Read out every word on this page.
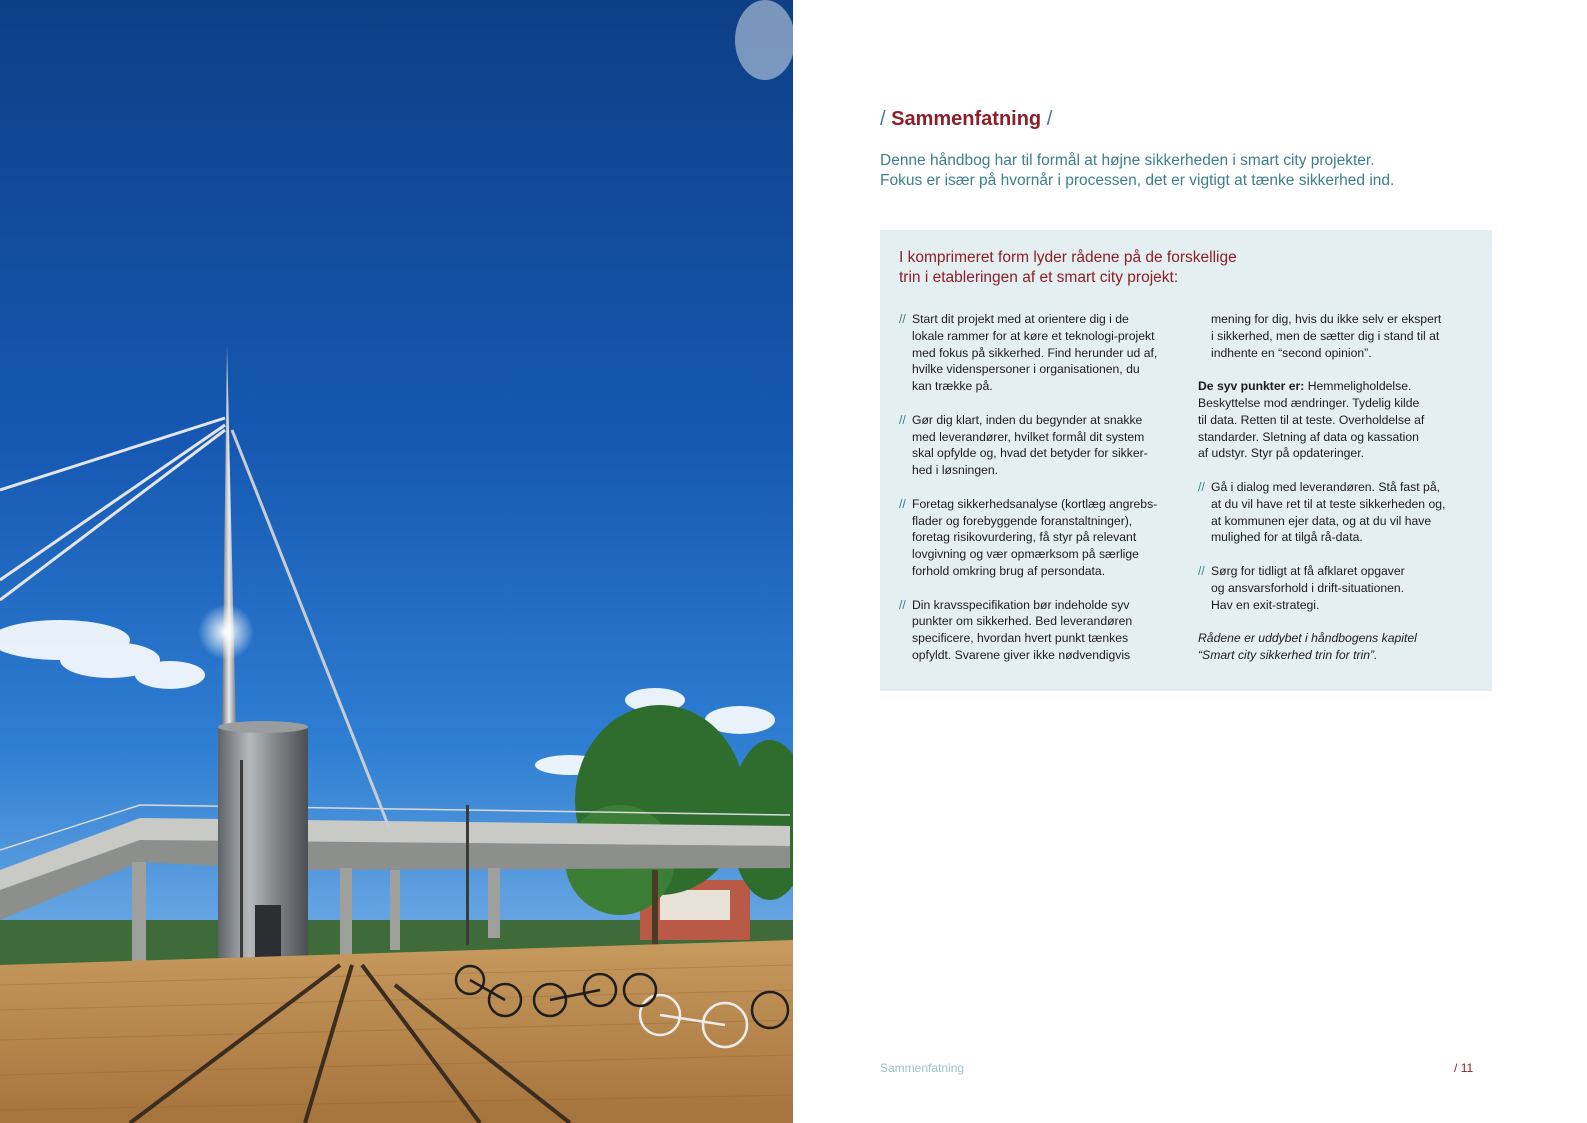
/ Sammenfatning /
Denne håndbog har til formål at højne sikkerheden i smart city projekter.
Fokus er især på hvornår i processen, det er vigtigt at tænke sikkerhed ind.
I komprimeret form lyder rådene på de forskellige
trin i etableringen af et smart city projekt:
// Start dit projekt med at orientere dig i de
lokale rammer for at køre et teknologi-projekt
med fokus på sikkerhed. Find herunder ud af,
hvilke videnspersoner i organisationen, du
kan trække på.
// Gør dig klart, inden du begynder at snakke
med leverandører, hvilket formål dit system
skal opfylde og, hvad det betyder for sikker-
hed i løsningen.
// Foretag sikkerhedsanalyse (kortlæg angrebs-
flader og forebyggende foranstaltninger),
foretag risikovurdering, få styr på relevant
lovgivning og vær opmærksom på særlige
forhold omkring brug af persondata.
// Din kravsspecifikation bør indeholde syv
punkter om sikkerhed. Bed leverandøren
specificere, hvordan hvert punkt tænkes
opfyldt. Svarene giver ikke nødvendigvis
mening for dig, hvis du ikke selv er ekspert
i sikkerhed, men de sætter dig i stand til at
indhente en “second opinion”.
De syv punkter er: Hemmeligholdelse.
Beskyttelse mod ændringer. Tydelig kilde
til data. Retten til at teste. Overholdelse af
standarder. Sletning af data og kassation
af udstyr. Styr på opdateringer.
// Gå i dialog med leverandøren. Stå fast på,
at du vil have ret til at teste sikkerheden og,
at kommunen ejer data, og at du vil have
mulighed for at tilgå rå-data.
// Sørg for tidligt at få afklaret opgaver
og ansvarsforhold i drift-situationen.
Hav en exit-strategi.
Rådene er uddybet i håndbogens kapitel
“Smart city sikkerhed trin for trin”.
Sammenfatning	/ 11
